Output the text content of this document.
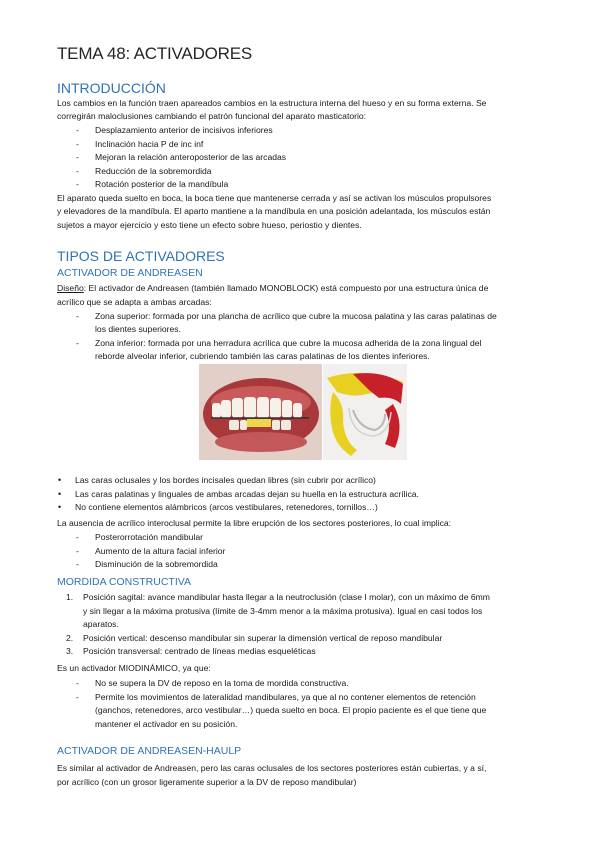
TEMA 48: ACTIVADORES
INTRODUCCIÓN
Los cambios en la función traen apareados cambios en la estructura interna del hueso y en su forma externa. Se
corregirán maloclusiones cambiando el patrón funcional del aparato masticatorio:
- Desplazamiento anterior de incisivos inferiores
- Inclinación hacia P de inc inf
- Mejoran la relación anteroposterior de las arcadas
- Reducción de la sobremordida
- Rotación posterior de la mandíbula
El aparato queda suelto en boca, la boca tiene que mantenerse cerrada y así se activan los músculos propulsores
y elevadores de la mandíbula. El aparto mantiene a la mandíbula en una posición adelantada, los músculos están
sujetos a mayor ejercicio y esto tiene un efecto sobre hueso, periostio y dientes.
TIPOS DE ACTIVADORES
ACTIVADOR DE ANDREASEN
Diseño: El activador de Andreasen (también llamado MONOBLOCK) está compuesto por una estructura única de
acrílico que se adapta a ambas arcadas:
- Zona superior: formada por una plancha de acrílico que cubre la mucosa palatina y las caras palatinas de
los dientes superiores.
- Zona inferior: formada por una herradura acrílica que cubre la mucosa adherida de la zona lingual del
reborde alveolar inferior, cubriendo también las caras palatinas de los dientes inferiores.
• Las caras oclusales y los bordes incisales quedan libres (sin cubrir por acrílico)
• Las caras palatinas y linguales de ambas arcadas dejan su huella en la estructura acrílica.
• No contiene elementos alámbricos (arcos vestibulares, retenedores, tornillos…)
La ausencia de acrílico interoclusal permite la libre erupción de los sectores posteriores, lo cual implica:
- Posterorrotación mandibular
- Aumento de la altura facial inferior
- Disminución de la sobremordida
MORDIDA CONSTRUCTIVA
1. Posición sagital: avance mandibular hasta llegar a la neutroclusión (clase I molar), con un máximo de 6mm
y sin llegar a la máxima protusiva (límite de 3-4mm menor a la máxima protusiva). Igual en casi todos los
aparatos.
2. Posición vertical: descenso mandibular sin superar la dimensión vertical de reposo mandibular
3. Posición transversal: centrado de líneas medias esqueléticas
Es un activador MIODINÁMICO, ya que:
- No se supera la DV de reposo en la toma de mordida constructiva.
- Permite los movimientos de lateralidad mandibulares, ya que al no contener elementos de retención
(ganchos, retenedores, arco vestibular…) queda suelto en boca. El propio paciente es el que tiene que
mantener el activador en su posición.
ACTIVADOR DE ANDREASEN-HAULP
Es similar al activador de Andreasen, pero las caras oclusales de los sectores posteriores están cubiertas, y a sí,
por acrílico (con un grosor ligeramente superior a la DV de reposo mandibular)
